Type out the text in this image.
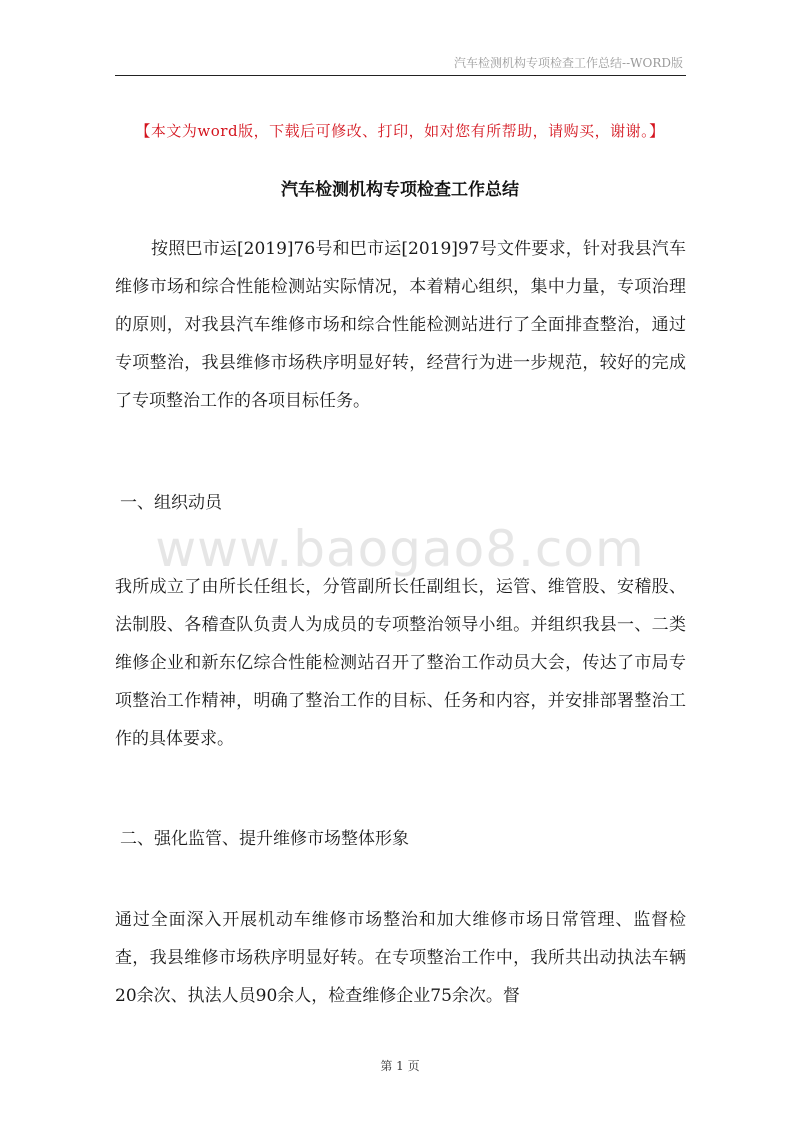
汽车检测机构专项检查工作总结--WORD版
【本文为word版，下载后可修改、打印，如对您有所帮助，请购买，谢谢。】
汽车检测机构专项检查工作总结

按照巴市运[2019]76号和巴市运[2019]97号文件要求，针对我县汽车维修市场和综合性能检测站实际情况，本着精心组织，集中力量，专项治理的原则，对我县汽车维修市场和综合性能检测站进行了全面排查整治，通过专项整治，我县维修市场秩序明显好转，经营行为进一步规范，较好的完成了专项整治工作的各项目标任务。

一、组织动员
www.baogao8.com

我所成立了由所长任组长，分管副所长任副组长，运管、维管股、安稽股、法制股、各稽查队负责人为成员的专项整治领导小组。并组织我县一、二类维修企业和新东亿综合性能检测站召开了整治工作动员大会，传达了市局专项整治工作精神，明确了整治工作的目标、任务和内容，并安排部署整治工作的具体要求。

二、强化监管、提升维修市场整体形象

通过全面深入开展机动车维修市场整治和加大维修市场日常管理、监督检查，我县维修市场秩序明显好转。在专项整治工作中，我所共出动执法车辆20余次、执法人员90余人，检查维修企业75余次。督

第 1 页
